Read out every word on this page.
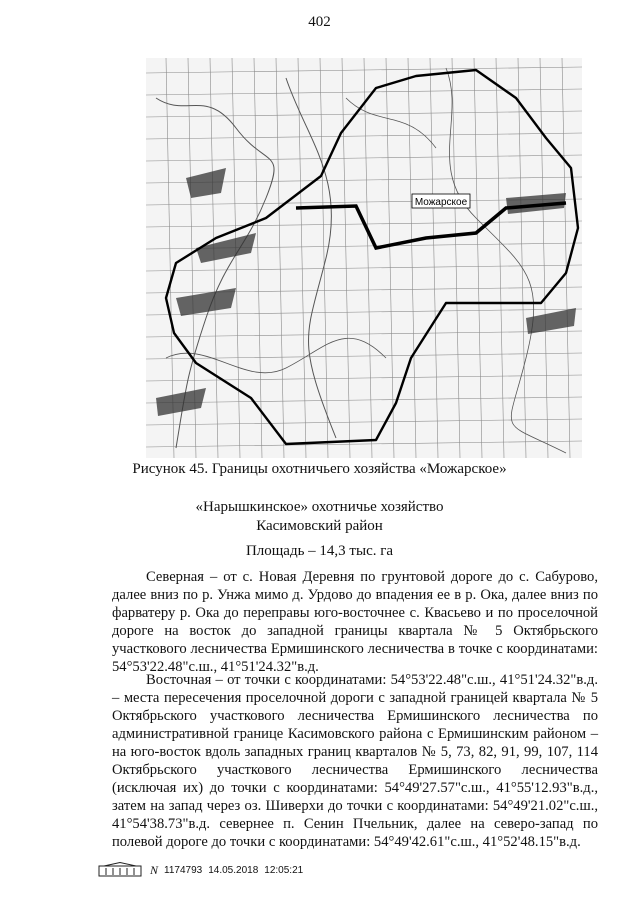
402
Можарское
Рисунок 45. Границы охотничьего хозяйства «Можарское»
«Нарышкинское» охотничье хозяйство
Касимовский район
Площадь – 14,3 тыс. га

Северная – от с. Новая Деревня по грунтовой дороге до с. Сабурово, далее вниз по р. Унжа мимо д. Урдово до впадения ее в р. Ока, далее вниз по фарватеру р. Ока до переправы юго-восточнее с. Квасьево и по проселочной дороге на восток до западной границы квартала № 5 Октябрьского участкового лесничества Ермишинского лесничества в точке с координатами: 54°53'22.48"с.ш., 41°51'24.32"в.д.

Восточная – от точки с координатами: 54°53'22.48"с.ш., 41°51'24.32"в.д. – места пересечения проселочной дороги с западной границей квартала № 5 Октябрьского участкового лесничества Ермишинского лесничества по административной границе Касимовского района с Ермишинским районом – на юго-восток вдоль западных границ кварталов № 5, 73, 82, 91, 99, 107, 114 Октябрьского участкового лесничества Ермишинского лесничества (исключая их) до точки с координатами: 54°49'27.57"с.ш., 41°55'12.93"в.д., затем на запад через оз. Шиверхи до точки с координатами: 54°49'21.02"с.ш., 41°54'38.73"в.д. севернее п. Сенин Пчельник, далее на северо-запад по полевой дороге до точки с координатами: 54°49'42.61"с.ш., 41°52'48.15"в.д.

N 1174793 14.05.2018 12:05:21
